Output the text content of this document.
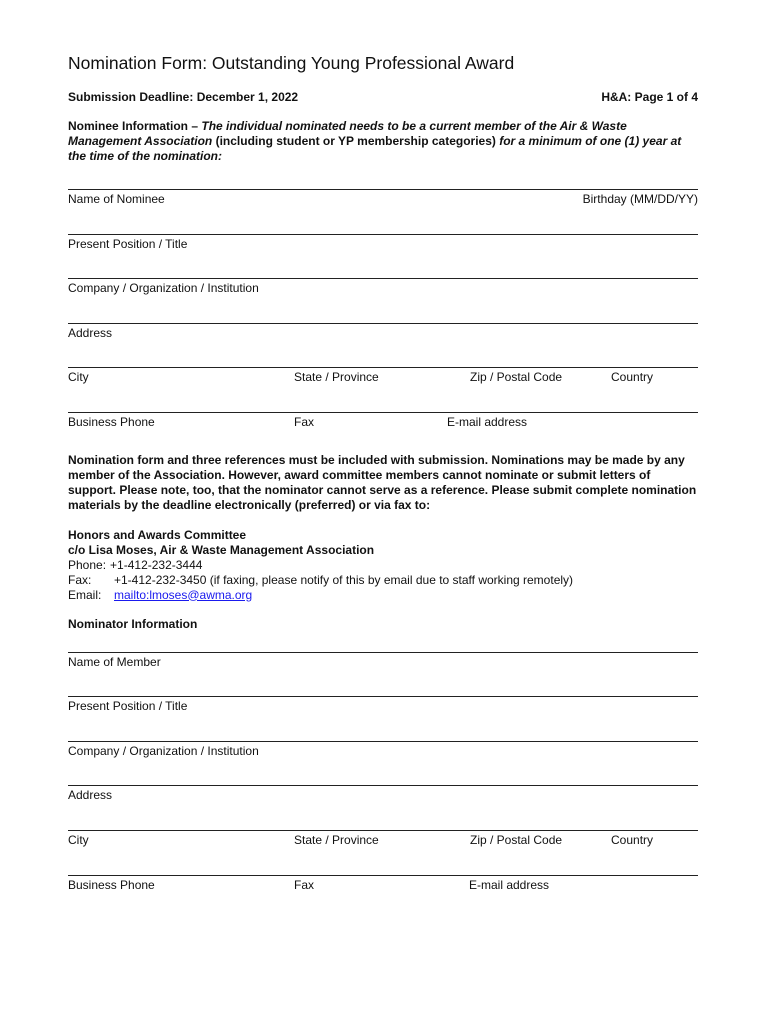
Nomination Form: Outstanding Young Professional Award
Submission Deadline: December 1, 2022	H&A: Page 1 of 4
Nominee Information – The individual nominated needs to be a current member of the Air & Waste Management Association (including student or YP membership categories) for a minimum of one (1) year at the time of the nomination:
Name of Nominee	Birthday (MM/DD/YY)
Present Position / Title
Company / Organization / Institution
Address
City	State / Province	Zip / Postal Code	Country
Business Phone	Fax	E-mail address
Nomination form and three references must be included with submission. Nominations may be made by any member of the Association. However, award committee members cannot nominate or submit letters of support. Please note, too, that the nominator cannot serve as a reference. Please submit complete nomination materials by the deadline electronically (preferred) or via fax to:
Honors and Awards Committee
c/o Lisa Moses, Air & Waste Management Association
Phone: +1-412-232-3444
Fax:	+1-412-232-3450 (if faxing, please notify of this by email due to staff working remotely)
Email:	mailto:lmoses@awma.org
Nominator Information
Name of Member
Present Position / Title
Company / Organization / Institution
Address
City	State / Province	Zip / Postal Code	Country
Business Phone	Fax	E-mail address
